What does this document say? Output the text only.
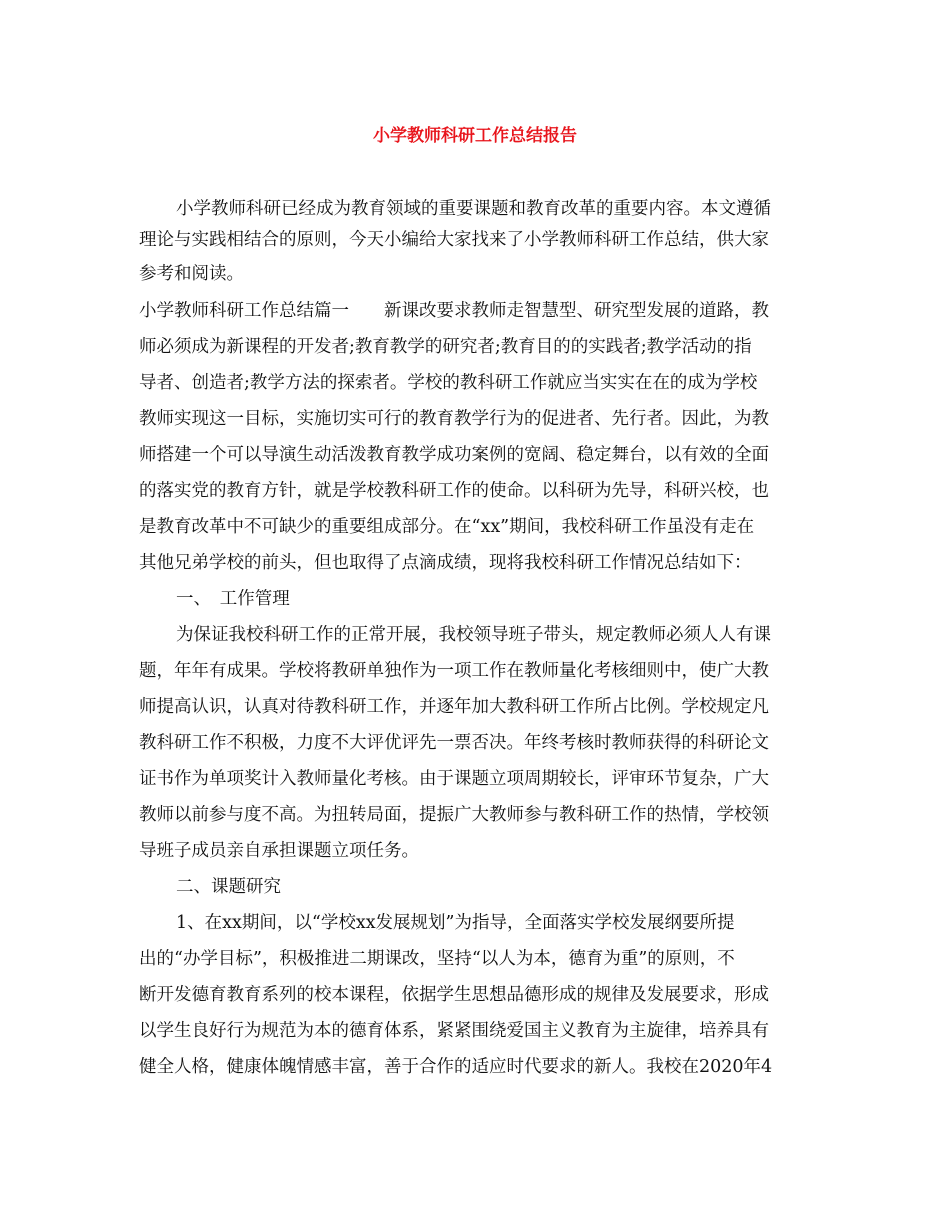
小学教师科研工作总结报告

小学教师科研已经成为教育领域的重要课题和教育改革的重要内容。本文遵循

理论与实践相结合的原则，今天小编给大家找来了小学教师科研工作总结，供大家

参考和阅读。

小学教师科研工作总结篇一　　新课改要求教师走智慧型、研究型发展的道路，教

师必须成为新课程的开发者;教育教学的研究者;教育目的的实践者;教学活动的指

导者、创造者;教学方法的探索者。学校的教科研工作就应当实实在在的成为学校

教师实现这一目标，实施切实可行的教育教学行为的促进者、先行者。因此，为教

师搭建一个可以导演生动活泼教育教学成功案例的宽阔、稳定舞台，以有效的全面

的落实党的教育方针，就是学校教科研工作的使命。以科研为先导，科研兴校，也

是教育改革中不可缺少的重要组成部分。在“xx”期间，我校科研工作虽没有走在

其他兄弟学校的前头，但也取得了点滴成绩，现将我校科研工作情况总结如下：

一、　工作管理

为保证我校科研工作的正常开展，我校领导班子带头，规定教师必须人人有课

题，年年有成果。学校将教研单独作为一项工作在教师量化考核细则中，使广大教

师提高认识，认真对待教科研工作，并逐年加大教科研工作所占比例。学校规定凡

教科研工作不积极，力度不大评优评先一票否决。年终考核时教师获得的科研论文

证书作为单项奖计入教师量化考核。由于课题立项周期较长，评审环节复杂，广大

教师以前参与度不高。为扭转局面，提振广大教师参与教科研工作的热情，学校领

导班子成员亲自承担课题立项任务。

二、课题研究

1、在xx期间，以“学校xx发展规划”为指导，全面落实学校发展纲要所提

出的“办学目标”，积极推进二期课改，坚持“以人为本，德育为重”的原则，不

断开发德育教育系列的校本课程，依据学生思想品德形成的规律及发展要求，形成

以学生良好行为规范为本的德育体系，紧紧围绕爱国主义教育为主旋律，培养具有

健全人格，健康体魄情感丰富，善于合作的适应时代要求的新人。我校在2020年4
